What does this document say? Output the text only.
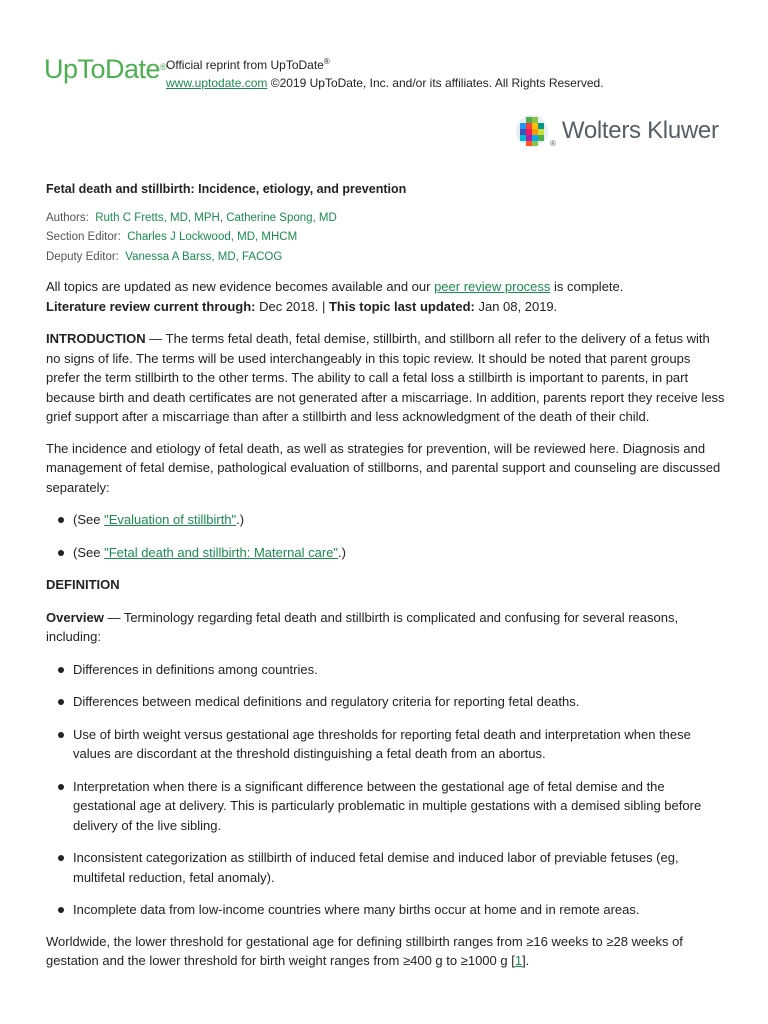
UpToDate® Official reprint from UpToDate®
www.uptodate.com ©2019 UpToDate, Inc. and/or its affiliates. All Rights Reserved.
® Wolters Kluwer
Fetal death and stillbirth: Incidence, etiology, and prevention
Authors: Ruth C Fretts, MD, MPH, Catherine Spong, MD
Section Editor: Charles J Lockwood, MD, MHCM
Deputy Editor: Vanessa A Barss, MD, FACOG

All topics are updated as new evidence becomes available and our peer review process is complete.

Literature review current through: Dec 2018. | This topic last updated: Jan 08, 2019.

INTRODUCTION — The terms fetal death, fetal demise, stillbirth, and stillborn all refer to the delivery of a fetus with no signs of life. The terms will be used interchangeably in this topic review. It should be noted that parent groups prefer the term stillbirth to the other terms. The ability to call a fetal loss a stillbirth is important to parents, in part because birth and death certificates are not generated after a miscarriage. In addition, parents report they receive less grief support after a miscarriage than after a stillbirth and less acknowledgment of the death of their child.

The incidence and etiology of fetal death, as well as strategies for prevention, will be reviewed here. Diagnosis and management of fetal demise, pathological evaluation of stillborns, and parental support and counseling are discussed separately:

(See "Evaluation of stillbirth".)
(See "Fetal death and stillbirth: Maternal care".)

DEFINITION

Overview — Terminology regarding fetal death and stillbirth is complicated and confusing for several reasons, including:

Differences in definitions among countries.
Differences between medical definitions and regulatory criteria for reporting fetal deaths.
Use of birth weight versus gestational age thresholds for reporting fetal death and interpretation when these values are discordant at the threshold distinguishing a fetal death from an abortus.
Interpretation when there is a significant difference between the gestational age of fetal demise and the gestational age at delivery. This is particularly problematic in multiple gestations with a demised sibling before delivery of the live sibling.
Inconsistent categorization as stillbirth of induced fetal demise and induced labor of previable fetuses (eg, multifetal reduction, fetal anomaly).
Incomplete data from low-income countries where many births occur at home and in remote areas.

Worldwide, the lower threshold for gestational age for defining stillbirth ranges from ≥16 weeks to ≥28 weeks of gestation and the lower threshold for birth weight ranges from ≥400 g to ≥1000 g [1].
